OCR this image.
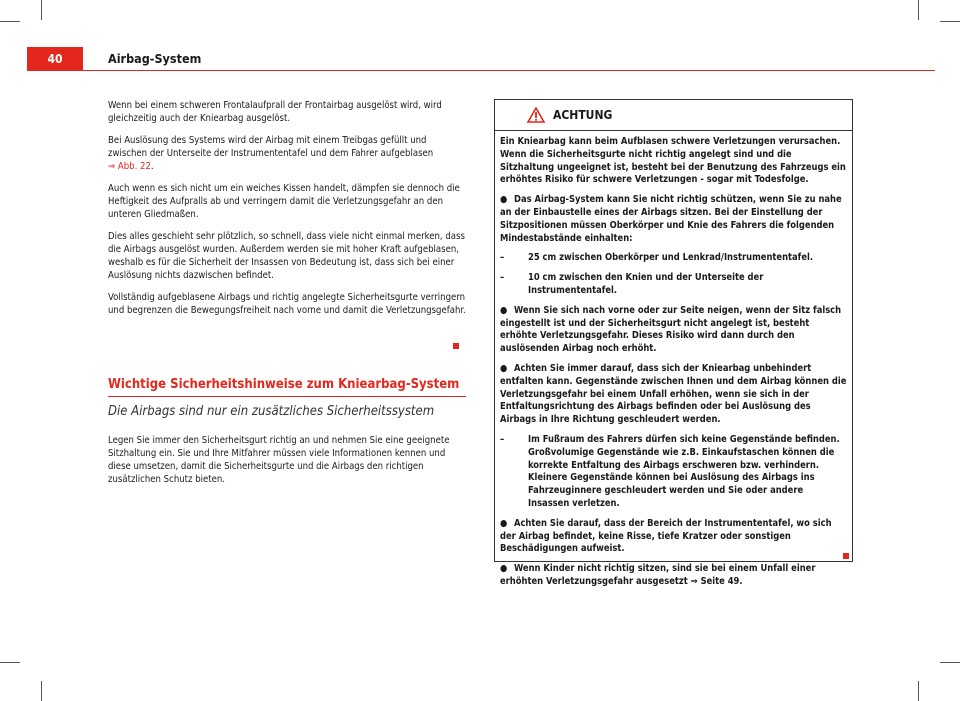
40	Airbag-System

Wenn bei einem schweren Frontalaufprall der Frontairbag ausgelöst wird, wird gleichzeitig auch der Kniearbag ausgelöst.

Bei Auslösung des Systems wird der Airbag mit einem Treibgas gefüllt und zwischen der Unterseite der Instrumententafel und dem Fahrer aufgeblasen
⇒ Abb. 22.

Auch wenn es sich nicht um ein weiches Kissen handelt, dämpfen sie dennoch die Heftigkeit des Aufpralls ab und verringern damit die Verletzungsgefahr an den unteren Gliedmaßen.

Dies alles geschieht sehr plötzlich, so schnell, dass viele nicht einmal merken, dass die Airbags ausgelöst wurden. Außerdem werden sie mit hoher Kraft aufgeblasen, weshalb es für die Sicherheit der Insassen von Bedeutung ist, dass sich bei einer Auslösung nichts dazwischen befindet.

Vollständig aufgeblasene Airbags und richtig angelegte Sicherheitsgurte verringern und begrenzen die Bewegungsfreiheit nach vorne und damit die Verletzungsgefahr.

Wichtige Sicherheitshinweise zum Kniearbag-System
Die Airbags sind nur ein zusätzliches Sicherheitssystem

Legen Sie immer den Sicherheitsgurt richtig an und nehmen Sie eine geeignete Sitzhaltung ein. Sie und Ihre Mitfahrer müssen viele Informationen kennen und diese umsetzen, damit die Sicherheitsgurte und die Airbags den richtigen zusätzlichen Schutz bieten.

ACHTUNG

Ein Kniearbag kann beim Aufblasen schwere Verletzungen verursachen. Wenn die Sicherheitsgurte nicht richtig angelegt sind und die Sitzhaltung ungeeignet ist, besteht bei der Benutzung des Fahrzeugs ein erhöhtes Risiko für schwere Verletzungen - sogar mit Todesfolge.

● Das Airbag-System kann Sie nicht richtig schützen, wenn Sie zu nahe an der Einbaustelle eines der Airbags sitzen. Bei der Einstellung der Sitzpositionen müssen Oberkörper und Knie des Fahrers die folgenden Mindestabstände einhalten:

–	25 cm zwischen Oberkörper und Lenkrad/Instrumententafel.

–	10 cm zwischen den Knien und der Unterseite der Instrumententafel.

● Wenn Sie sich nach vorne oder zur Seite neigen, wenn der Sitz falsch eingestellt ist und der Sicherheitsgurt nicht angelegt ist, besteht erhöhte Verletzungsgefahr. Dieses Risiko wird dann durch den auslösenden Airbag noch erhöht.

● Achten Sie immer darauf, dass sich der Kniearbag unbehindert entfalten kann. Gegenstände zwischen Ihnen und dem Airbag können die Verletzungsgefahr bei einem Unfall erhöhen, wenn sie sich in der Entfaltungsrichtung des Airbags befinden oder bei Auslösung des Airbags in Ihre Richtung geschleudert werden.

–	Im Fußraum des Fahrers dürfen sich keine Gegenstände befinden. Großvolumige Gegenstände wie z.B. Einkaufstaschen können die korrekte Entfaltung des Airbags erschweren bzw. verhindern. Kleinere Gegenstände können bei Auslösung des Airbags ins Fahrzeuginnere geschleudert werden und Sie oder andere Insassen verletzen.

● Achten Sie darauf, dass der Bereich der Instrumententafel, wo sich der Airbag befindet, keine Risse, tiefe Kratzer oder sonstigen Beschädigungen aufweist.

● Wenn Kinder nicht richtig sitzen, sind sie bei einem Unfall einer erhöhten Verletzungsgefahr ausgesetzt ⇒ Seite 49.
